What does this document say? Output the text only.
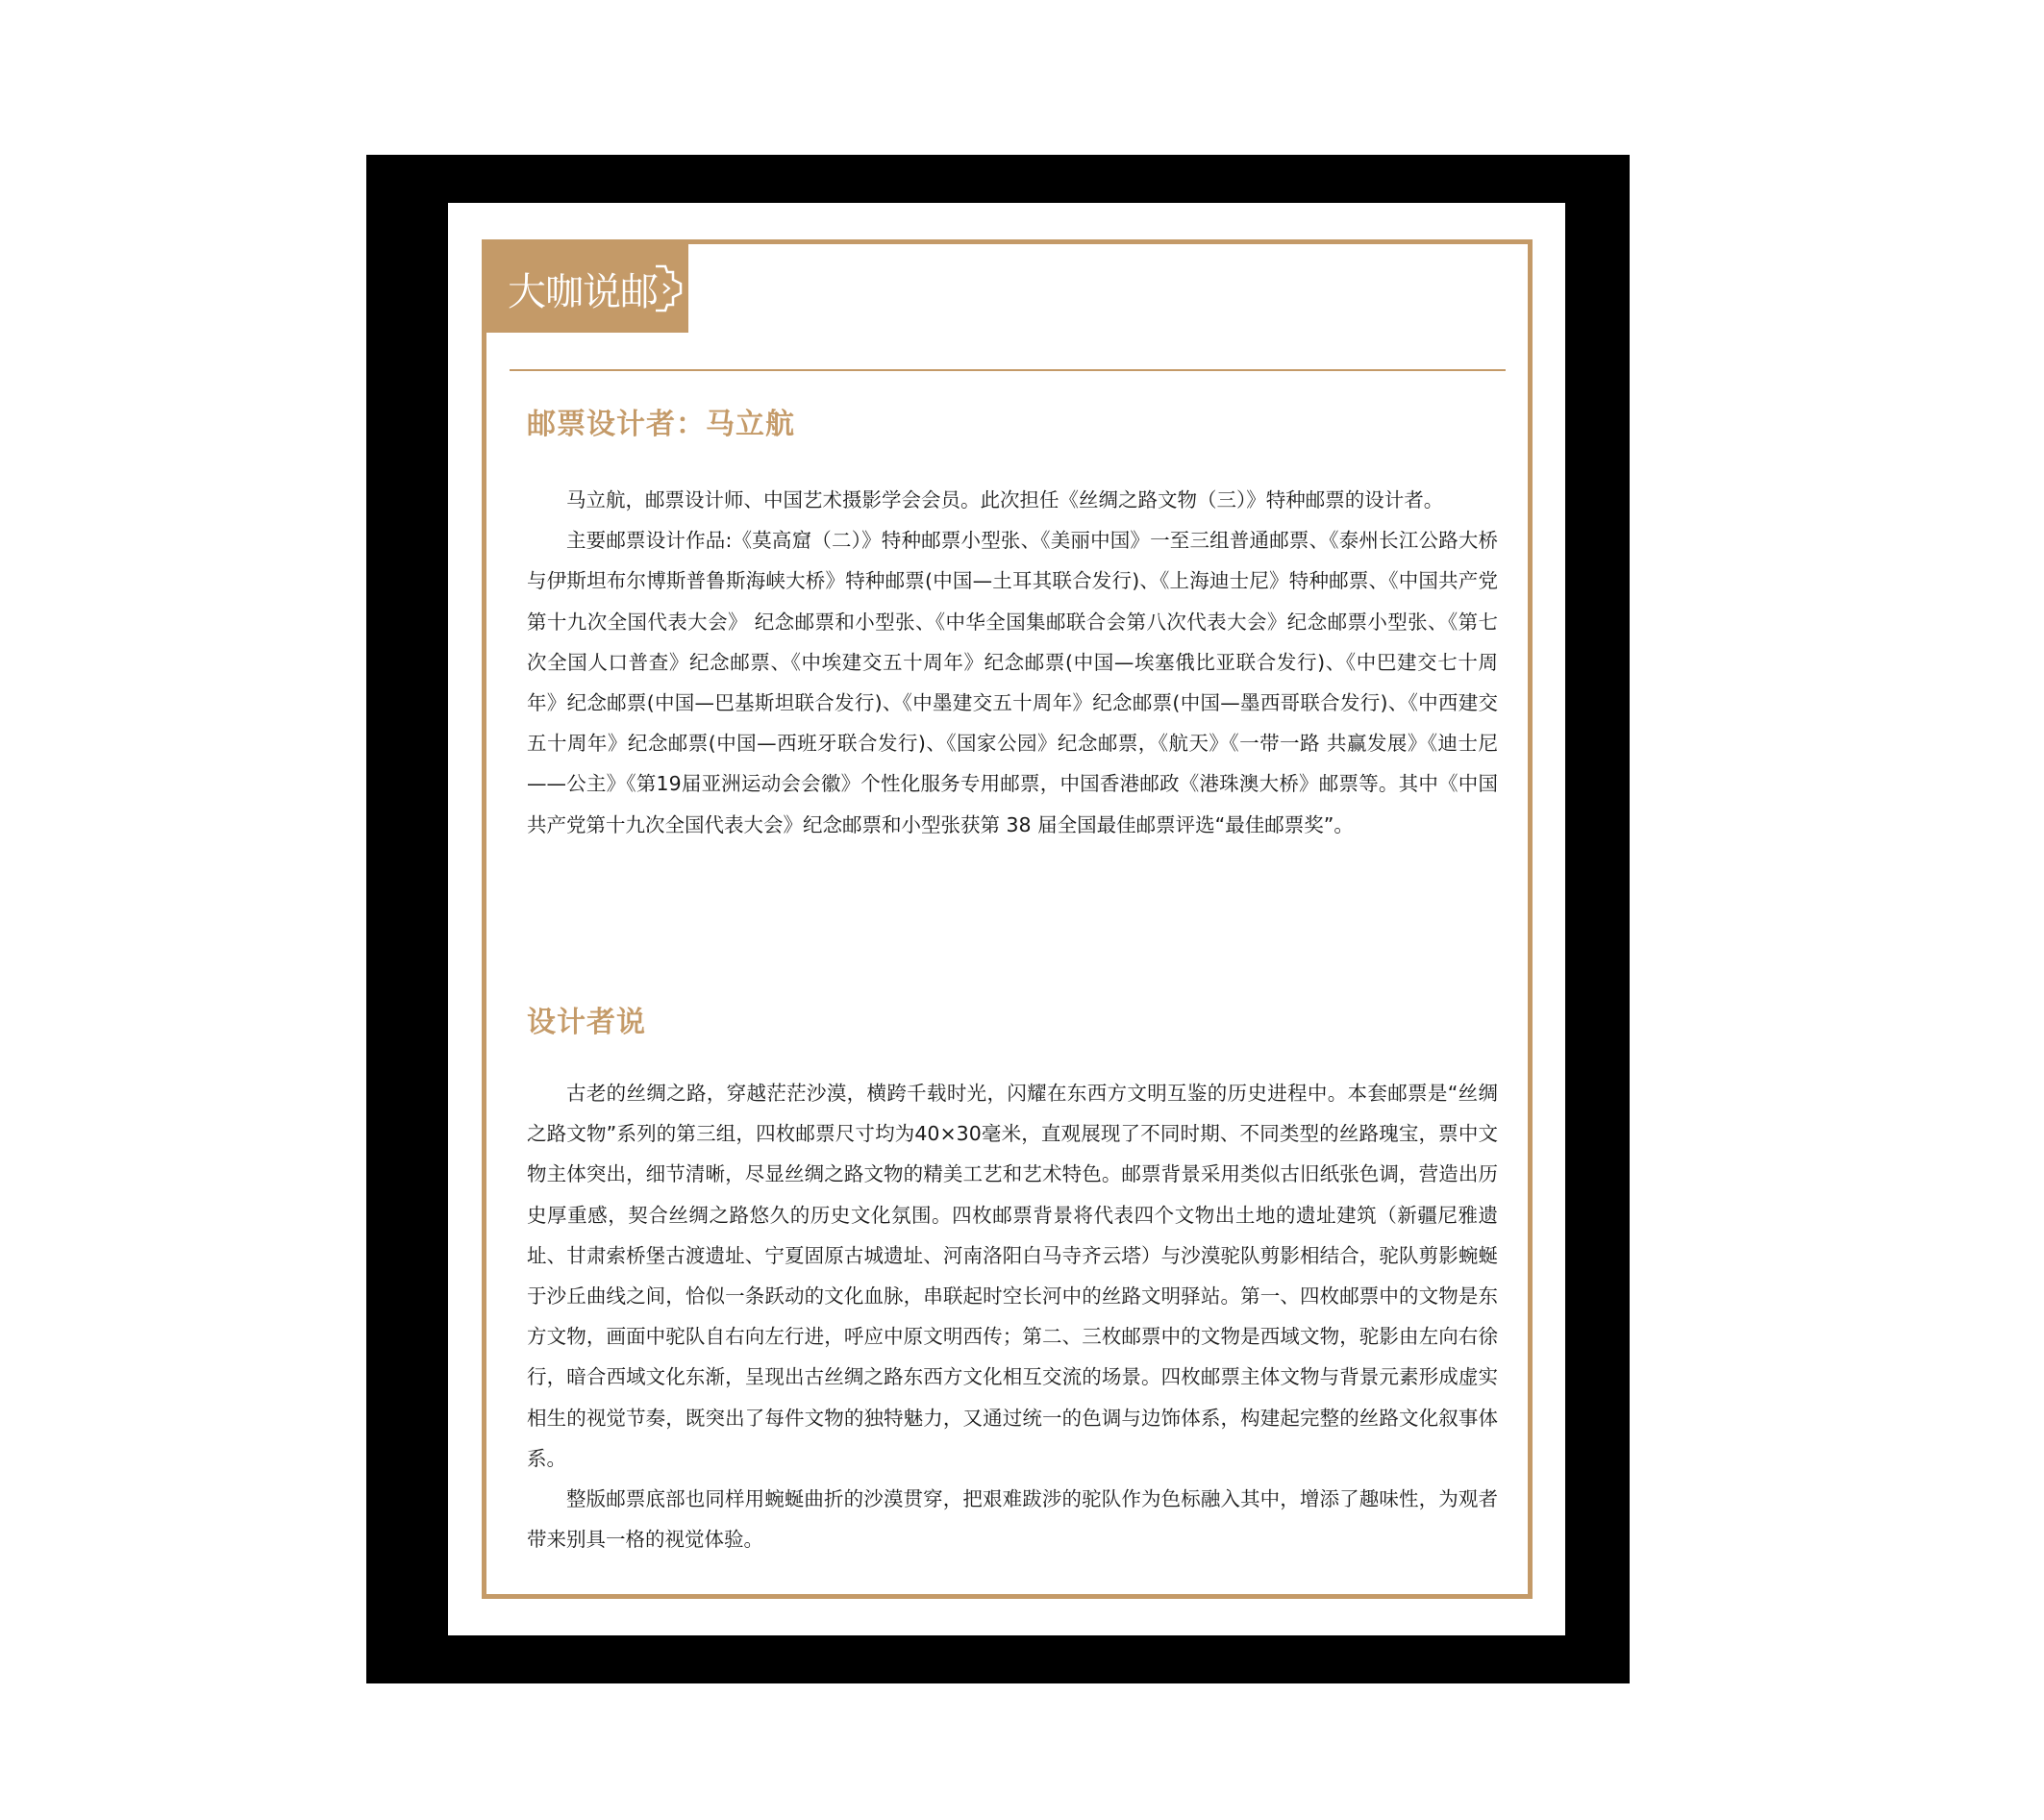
大咖说邮
邮票设计者：马立航

马立航，邮票设计师、中国艺术摄影学会会员。此次担任《丝绸之路文物（三）》特种邮票的设计者。

主要邮票设计作品:《莫高窟（二）》特种邮票小型张、《美丽中国》一至三组普通邮票、《泰州长江公路大桥与伊斯坦布尔博斯普鲁斯海峡大桥》特种邮票(中国—土耳其联合发行)、《上海迪士尼》特种邮票、《中国共产党第十九次全国代表大会》 纪念邮票和小型张、《中华全国集邮联合会第八次代表大会》纪念邮票小型张、《第七次全国人口普查》纪念邮票、《中埃建交五十周年》纪念邮票(中国—埃塞俄比亚联合发行)、《中巴建交七十周年》纪念邮票(中国—巴基斯坦联合发行)、《中墨建交五十周年》纪念邮票(中国—墨西哥联合发行)、《中西建交五十周年》纪念邮票(中国—西班牙联合发行)、《国家公园》纪念邮票，《航天》《一带一路 共赢发展》《迪士尼——公主》《第19届亚洲运动会会徽》个性化服务专用邮票，中国香港邮政《港珠澳大桥》邮票等。其中《中国共产党第十九次全国代表大会》纪念邮票和小型张获第 38 届全国最佳邮票评选“最佳邮票奖”。

设计者说

古老的丝绸之路，穿越茫茫沙漠，横跨千载时光，闪耀在东西方文明互鉴的历史进程中。本套邮票是“丝绸之路文物”系列的第三组，四枚邮票尺寸均为40×30毫米，直观展现了不同时期、不同类型的丝路瑰宝，票中文物主体突出，细节清晰，尽显丝绸之路文物的精美工艺和艺术特色。邮票背景采用类似古旧纸张色调，营造出历史厚重感，契合丝绸之路悠久的历史文化氛围。四枚邮票背景将代表四个文物出土地的遗址建筑（新疆尼雅遗址、甘肃索桥堡古渡遗址、宁夏固原古城遗址、河南洛阳白马寺齐云塔）与沙漠驼队剪影相结合，驼队剪影蜿蜒于沙丘曲线之间，恰似一条跃动的文化血脉，串联起时空长河中的丝路文明驿站。第一、四枚邮票中的文物是东方文物，画面中驼队自右向左行进，呼应中原文明西传；第二、三枚邮票中的文物是西域文物，驼影由左向右徐行，暗合西域文化东渐，呈现出古丝绸之路东西方文化相互交流的场景。四枚邮票主体文物与背景元素形成虚实相生的视觉节奏，既突出了每件文物的独特魅力，又通过统一的色调与边饰体系，构建起完整的丝路文化叙事体系。

整版邮票底部也同样用蜿蜒曲折的沙漠贯穿，把艰难跋涉的驼队作为色标融入其中，增添了趣味性，为观者带来别具一格的视觉体验。
